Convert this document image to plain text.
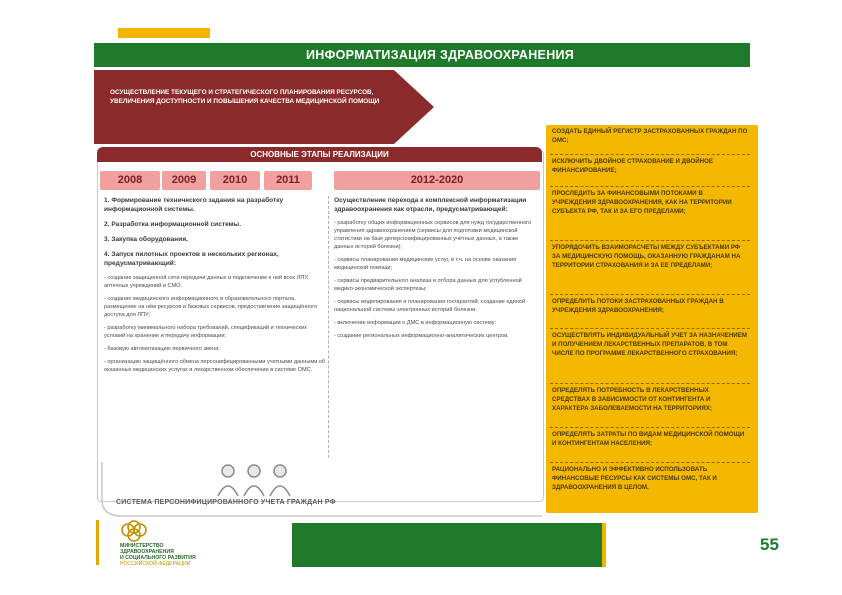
ИНФОРМАТИЗАЦИЯ ЗДРАВООХРАНЕНИЯ
ОСУЩЕСТВЛЕНИЕ ТЕКУЩЕГО И СТРАТЕГИЧЕСКОГО ПЛАНИРОВАНИЯ РЕСУРСОВ, УВЕЛИЧЕНИЯ ДОСТУПНОСТИ И ПОВЫШЕНИЯ КАЧЕСТВА МЕДИЦИНСКОЙ ПОМОЩИ
СОЗДАТЬ ЕДИНЫЙ РЕГИСТР ЗАСТРАХОВАННЫХ ГРАЖДАН ПО ОМС;
ИСКЛЮЧИТЬ ДВОЙНОЕ СТРАХОВАНИЕ И ДВОЙНОЕ ФИНАНСИРОВАНИЕ;
ПРОСЛЕДИТЬ ЗА ФИНАНСОВЫМИ ПОТОКАМИ В УЧРЕЖДЕНИЯ ЗДРАВООХРАНЕНИЯ, КАК НА ТЕРРИТОРИИ СУБЪЕКТА РФ, ТАК И ЗА ЕГО ПРЕДЕЛАМИ;
УПОРЯДОЧИТЬ ВЗАИМОРАСЧЕТЫ МЕЖДУ СУБЪЕКТАМИ РФ ЗА МЕДИЦИНСКУЮ ПОМОЩЬ, ОКАЗАННУЮ ГРАЖДАНАМ НА ТЕРРИТОРИИ СТРАХОВАНИЯ И ЗА ЕЕ ПРЕДЕЛАМИ;
ОПРЕДЕЛИТЬ ПОТОКИ ЗАСТРАХОВАННЫХ ГРАЖДАН В УЧРЕЖДЕНИЯ ЗДРАВООХРАНЕНИЯ;
ОСУЩЕСТВЛЯТЬ ИНДИВИДУАЛЬНЫЙ УЧЕТ ЗА НАЗНАЧЕНИЕМ И ПОЛУЧЕНИЕМ ЛЕКАРСТВЕННЫХ ПРЕПАРАТОВ, В ТОМ ЧИСЛЕ ПО ПРОГРАММЕ ЛЕКАРСТВЕННОГО СТРАХОВАНИЯ;
ОПРЕДЕЛЯТЬ ПОТРЕБНОСТЬ В ЛЕКАРСТВЕННЫХ СРЕДСТВАХ В ЗАВИСИМОСТИ ОТ КОНТИНГЕНТА И ХАРАКТЕРА ЗАБОЛЕВАЕМОСТИ НА ТЕРРИТОРИЯХ;
ОПРЕДЕЛЯТЬ ЗАТРАТЫ ПО ВИДАМ МЕДИЦИНСКОЙ ПОМОЩИ И КОНТИНГЕНТАМ НАСЕЛЕНИЯ;
РАЦИОНАЛЬНО И ЭФФЕКТИВНО ИСПОЛЬЗОВАТЬ ФИНАНСОВЫЕ РЕСУРСЫ КАК СИСТЕМЫ ОМС, ТАК И ЗДРАВООХРАНЕНИЯ В ЦЕЛОМ.
ОСНОВНЫЕ ЭТАПЫ РЕАЛИЗАЦИИ
2008	2009	2010	2011	2012-2020
1. Формирование технического задания на разработку информационной системы.
2. Разработка информационной системы.
3. Закупка оборудования.
4. Запуск пилотных проектов в нескольких регионах, предусматривающий:
- создание защищенной сети передачи данных и подключение к ней всех ЛПУ, аптечных учреждений и СМО.
- создание медицинского информационного и образовательного портала, размещение на нём ресурсов и базовых сервисов, предоставление защищённого доступа для ЛПУ;
- разработку минимального набора требований, спецификаций и технических условий на хранение и передачу информации;
- базовую автоматизацию первичного звена;
- организацию защищённого обмена персонифицированными учетными данными об оказанных медицинских услугах и лекарственном обеспечении в системе ОМС.
Осуществление перехода к комплексной информатизации здравоохранения как отрасли, предусматривающей:
- разработку общих информационных сервисов для нужд государственного управления здравоохранением (сервисы для подготовки медицинской статистики на базе деперсонифицированных учётных данных, а также данных историй болезни);
- сервисы планирования медицинских услуг, в т.ч. на основе оказания медицинской помощи;
- сервисы предварительного анализа и отбора данных для углубленной медико-экономической экспертизы;
- сервисы моделирования и планирования госгарантий; создание единой национальной системы электронных историй болезни.
- включение информации о ДМС в информационную систему;
- создание региональных информационно-аналитических центров.
СИСТЕМА ПЕРСОНИФИЦИРОВАННОГО УЧЕТА ГРАЖДАН РФ
МИНИСТЕРСТВО
ЗДРАВООХРАНЕНИЯ
И СОЦИАЛЬНОГО РАЗВИТИЯ
РОССИЙСКОЙ ФЕДЕРАЦИИ
55
